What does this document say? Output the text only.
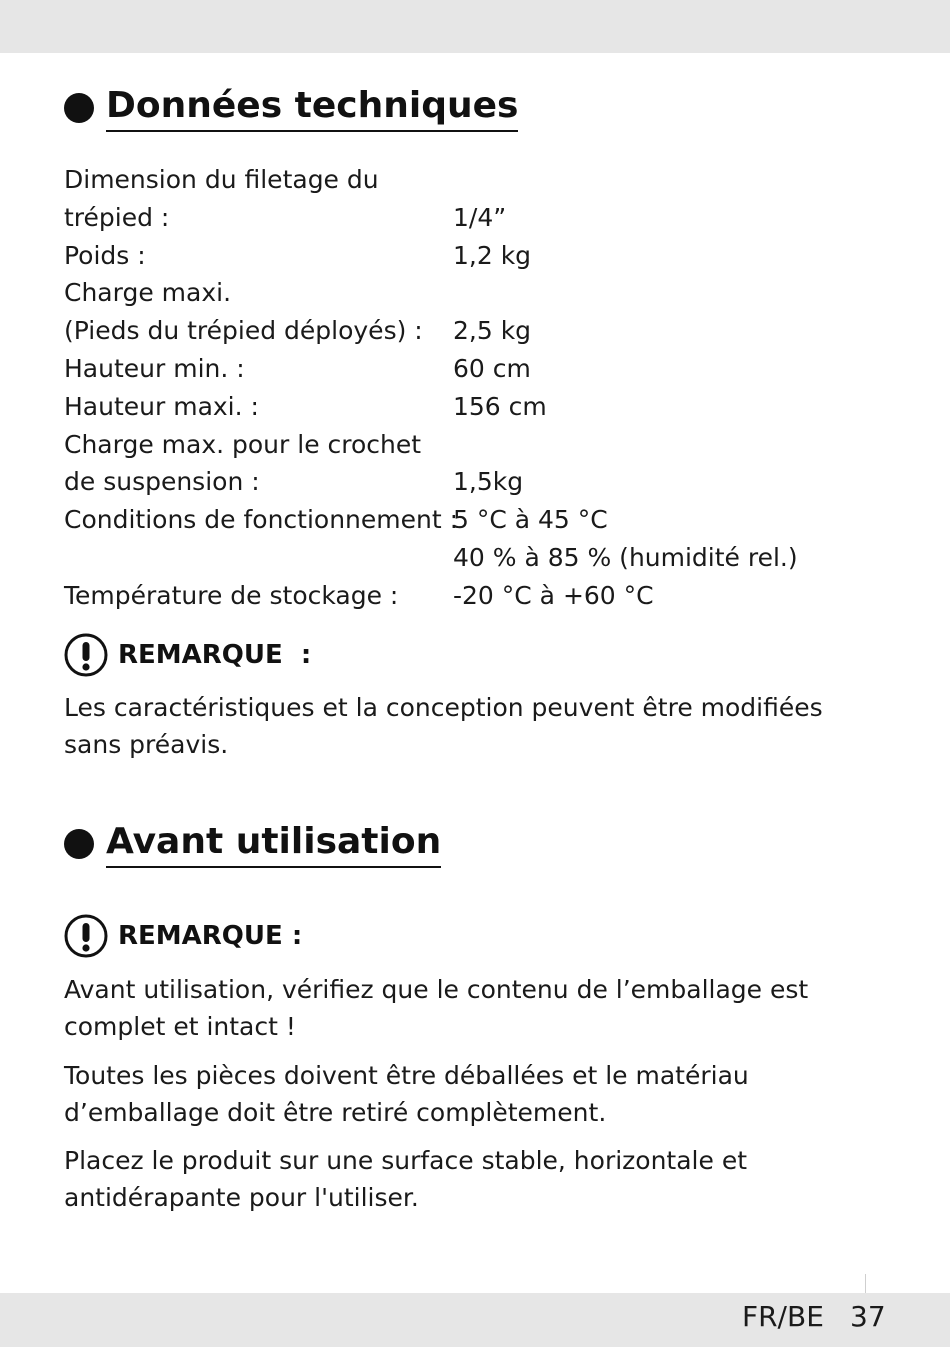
Données techniques
Dimension du filetage du
trépied :	1/4”
Poids :	1,2 kg
Charge maxi.
(Pieds du trépied déployés) :	2,5 kg
Hauteur min. :	60 cm
Hauteur maxi. :	156 cm
Charge max. pour le crochet
de suspension :	1,5kg
Conditions de fonctionnement :
5 °C à 45 °C
40 % à 85 % (humidité rel.)
Température de stockage :	-20 °C à +60 °C
REMARQUE  :

Les caractéristiques et la conception peuvent être modifiées sans préavis.

Avant utilisation
REMARQUE :

Avant utilisation, vérifiez que le contenu de l’emballage est complet et intact !

Toutes les pièces doivent être déballées et le matériau d’emballage doit être retiré complètement.

Placez le produit sur une surface stable, horizontale et antidérapante pour l'utiliser.

FR/BE 37
